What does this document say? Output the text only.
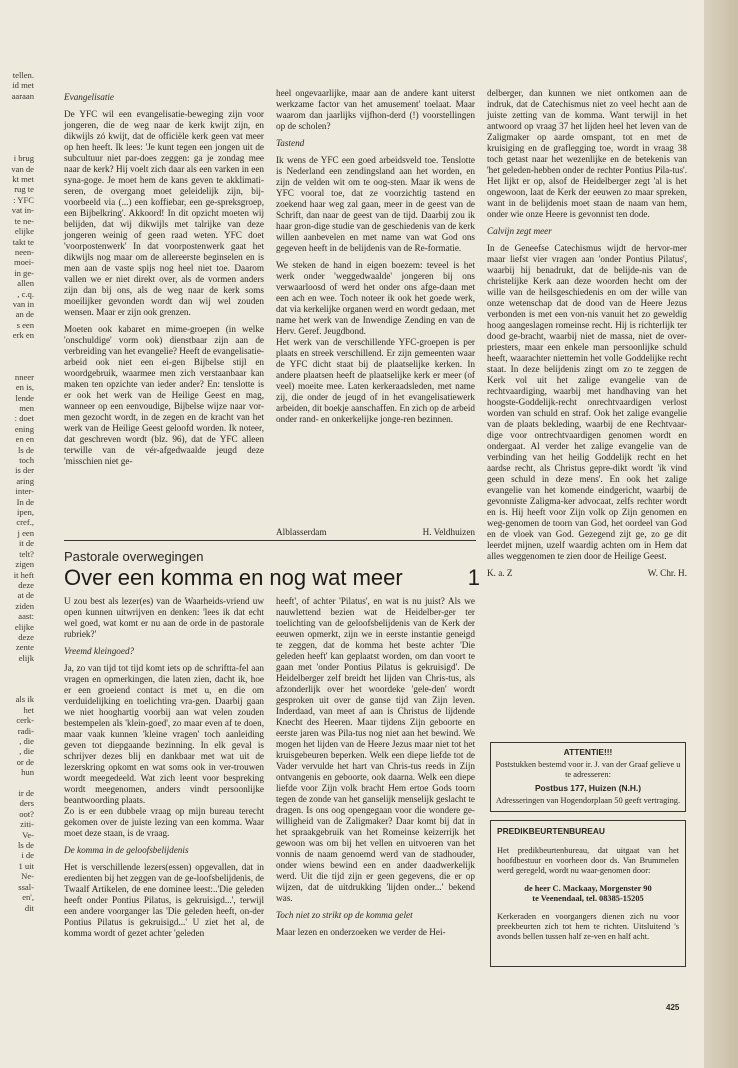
tellen.
id met
aaraan

i brug
van de
kt met
rug te
: YFC
vat in-
te ne-
elijke
takt te
neen-
moei-
in ge-
allen
, c.q.
van in
an de
s een
erk en

nneer
en is,
lende
men
: doet
ening
en en
ls de
toch
is der
aring
inter-
In de
ipen,
cref.,
j een
it de
telt?
zigen
it heft
deze
at de
ziden
aast:
elijke
deze
zente
elijk

als ik
het
cerk-
radi-
, die
, die
or de
hun

ir de
ders
oot?
ziti-
Ve-
ls de
i de
1 uit
Ne-
ssal-
en',
dit
Evangelisatie

De YFC wil een evangelisatie-beweging zijn voor jongeren, die de weg naar de kerk kwijt zijn, en dikwijls zó kwijt, dat de officiële kerk geen vat meer op hen heeft. Ik lees: 'Je kunt tegen een jongen uit de subcultuur niet par-does zeggen: ga je zondag mee naar de kerk? Hij voelt zich daar als een varken in een syna-goge. Je moet hem de kans geven te akklimati-seren, de overgang moet geleidelijk zijn, bij-voorbeeld via (...) een koffiebar, een ge-spreksgroep, een Bijbelkring'. Akkoord! In dit opzicht moeten wij belijden, dat wij dikwijls met talrijke van deze jongeren weinig of geen raad weten. YFC doet 'voorpostenwerk' In dat voorpostenwerk gaat het dikwijls nog maar om de allereerste beginselen en is men aan de vaste spijs nog heel niet toe. Daarom vallen we er niet direkt over, als de vormen anders zijn dan bij ons, als de weg naar de kerk soms moeilijker gevonden wordt dan wij wel zouden wensen. Maar er zijn ook grenzen.

Moeten ook kabaret en mime-groepen (in welke 'onschuldige' vorm ook) dienstbaar zijn aan de verbreiding van het evangelie? Heeft de evangelisatie-arbeid ook niet een ei-gen Bijbelse stijl en woordgebruik, waarmee men zich verstaanbaar kan maken ten opzichte van ieder ander? En: tenslotte is er ook het werk van de Heilige Geest en mag, wanneer op een eenvoudige, Bijbelse wijze naar vor-men gezocht wordt, in de zegen en de kracht van het werk van de Heilige Geest geloofd worden. Ik noteer, dat geschreven wordt (blz. 96), dat de YFC alleen terwille van de vér-afgedwaalde jeugd deze 'misschien niet ge-

heel ongevaarlijke, maar aan de andere kant uiterst werkzame factor van het amusement' toelaat. Maar waarom dan jaarlijks vijfhon-derd (!) voorstellingen op de scholen?

Tastend

Ik wens de YFC een goed arbeidsveld toe. Tenslotte is Nederland een zendingsland aan het worden, en zijn de velden wit om te oog-sten. Maar ik wens de YFC vooral toe, dat ze voorzichtig tastend en zoekend haar weg zal gaan, meer in de geest van de Schrift, dan naar de geest van de tijd. Daarbij zou ik haar gron-dige studie van de geschiedenis van de kerk willen aanbevelen en met name van wat God ons gegeven heeft in de belijdenis van de Re-formatie.

We steken de hand in eigen boezem: teveel is het werk onder 'weggedwaalde' jongeren bij ons verwaarloosd of werd het onder ons afge-daan met een ach en wee. Toch noteer ik ook het goede werk, dat via kerkelijke organen werd en wordt gedaan, met name het werk van de Inwendige Zending en van de Herv. Geref. Jeugdbond.

Het werk van de verschillende YFC-groepen is per plaats en streek verschillend. Er zijn gemeenten waar de YFC dicht staat bij de plaatselijke kerken. In andere plaatsen heeft de plaatselijke kerk er meer (of veel) moeite mee. Laten kerkeraadsleden, met name zij, die onder de jeugd of in het evangelisatiewerk arbeiden, dit boekje aanschaffen. En zich op de arbeid onder rand- en onkerkelijke jonge-ren bezinnen.

Alblasserdam	H. Veldhuizen
Pastorale overwegingen
Over een komma en nog wat meer	1

U zou best als lezer(es) van de Waarheids-vriend uw open kunnen uitwrijven en denken: 'lees ik dat echt wel goed, wat komt er nu aan de orde in de pastorale rubriek?'

Vreemd kleingoed?

Ja, zo van tijd tot tijd komt iets op de schriftta-fel aan vragen en opmerkingen, die laten zien, dacht ik, hoe er een groeiend contact is met u, en die om verduidelijking en toelichting vra-gen. Daarbij gaan we niet hooghartig voorbij aan wat velen zouden bestempelen als 'klein-goed', zo maar even af te doen, maar vaak kunnen 'kleine vragen' toch aanleiding geven tot diepgaande bezinning. In elk geval is schrijver dezes blij en dankbaar met wat uit de lezerskring opkomt en wat soms ook in ver-trouwen wordt meegedeeld. Wat zich leent voor bespreking wordt meegenomen, anders vindt persoonlijke beantwoording plaats.

Zo is er een dubbele vraag op mijn bureau terecht gekomen over de juiste lezing van een komma. Waar moet deze staan, is de vraag.

De komma in de geloofsbelijdenis

Het is verschillende lezers(essen) opgevallen, dat in eredienten bij het zeggen van de ge-loofsbelijdenis, de Twaalf Artikelen, de ene dominee leest:..'Die geleden heeft onder Pontius Pilatus, is gekruisigd...', terwijl een andere voorganger las 'Die geleden heeft, on-der Pontius Pilatus is gekruisigd...' U ziet het al, de komma wordt of gezet achter 'geleden

heeft', of achter 'Pilatus', en wat is nu juist? Als we nauwlettend bezien wat de Heidelber-ger ter toelichting van de geloofsbelijdenis van de Kerk der eeuwen opmerkt, zijn we in eerste instantie geneigd te zeggen, dat de komma het beste achter 'Die geleden heeft' kan geplaatst worden, om dan voort te gaan met 'onder Pontius Pilatus is gekruisigd'. De Heidelberger zelf breidt het lijden van Chris-tus, als afzonderlijk over het woordeke 'gele-den' wordt gesproken uit over de ganse tijd van Zijn leven. Inderdaad, van meet af aan is Christus de lijdende Knecht des Heeren. Maar tijdens Zijn geboorte en eerste jaren was Pila-tus nog niet aan het bewind. We mogen het lijden van de Heere Jezus maar niet tot het kruisgebeuren beperken. Welk een diepe liefde tot de Vader vervulde het hart van Chris-tus reeds in Zijn ontvangenis en geboorte, ook daarna. Welk een diepe liefde voor Zijn volk bracht Hem ertoe Gods toorn tegen de zonde van het ganselijk menselijk geslacht te dragen. Is ons oog opengegaan voor die wondere ge-willigheid van de Zaligmaker? Daar komt bij dat in het spraakgebruik van het Romeinse keizerrijk het gewoon was om bij het vellen en uitvoeren van het vonnis de naam genoemd werd van de stadhouder, onder wiens bewind een en ander daadwerkelijk werd. Uit die tijd zijn er geen gegevens, die er op wijzen, dat de uitdrukking 'lijden onder...' bekend was.

Toch niet zo strikt op de komma gelet

Maar lezen en onderzoeken we verder de Hei-

delberger, dan kunnen we niet ontkomen aan de indruk, dat de Catechismus niet zo veel hecht aan de juiste zetting van de komma. Want terwijl in het antwoord op vraag 37 het lijden heel het leven van de Zaligmaker op aarde omspant, tot en met de kruisiging en de graflegging toe, wordt in vraag 38 toch getast naar het wezenlijke en de betekenis van 'het geleden-hebben onder de rechter Pontius Pila-tus'. Het lijkt er op, alsof de Heidelberger zegt 'al is het ongewoon, laat de Kerk der eeuwen zo maar spreken, want in de belijdenis moet staan de naam van hem, onder wie onze Heere is gevonnist ten dode.

Calvijn zegt meer

In de Geneefse Catechismus wijdt de hervor-mer maar liefst vier vragen aan 'onder Pontius Pilatus', waarbij hij benadrukt, dat de belijde-nis van de christelijke Kerk aan deze woorden hecht om der wille van de heilsgeschiedenis en om der wille van onze wetenschap dat de dood van de Heere Jezus verbonden is met een von-nis vanuit het zo geweldig hoog aangeslagen romeinse recht. Hij is richterlijk ter dood ge-bracht, waarbij niet de massa, niet de over-priesters, maar een enkele man persoonlijke schuld heeft, waarachter niettemin het volle Goddelijke recht staat. In deze belijdenis zingt om zo te zeggen de Kerk vol uit het zalige evangelie van de rechtvaardiging, waarbij met handhaving van het hoogste-Goddelijk-recht onrechtvaardigen verlost worden van schuld en straf. Ook het zalige evangelie van de plaats bekleding, waarbij de ene Rechtvaar-dige voor ontrechtvaardigen genomen wordt en ondergaat. Al verder het zalige evangelie van de verbinding van het heilig Goddelijk recht en het aardse recht, als Christus gepre-dikt wordt 'ik vind geen schuld in deze mens'. En ook het zalige evangelie van het komende eindgericht, waarbij de gevonniste Zaligma-ker advocaat, zelfs rechter wordt en is. Hij heeft voor Zijn volk op Zijn genomen en weg-genomen de toorn van God, het oordeel van God en de vloek van God. Gezegend zijt ge, zo ge dit leerdet mijnen, uzelf waardig achten om in Hem dat alles weggenomen te zien door de Heilige Geest.

K. a. Z	W. Chr. H.
ATTENTIE!!!
Poststukken bestemd voor ir. J. van der Graaf gelieve u te adresseren:
Postbus 177, Huizen (N.H.)
Adresseringen van Hogendorplaan 50 geeft vertraging.
PREDIKBEURTENBUREAU
Het predikbeurtenbureau, dat uitgaat van het hoofdbestuur en voorheen door ds. Van Brummelen werd geregeld, wordt nu waar-genomen door:
de heer C. Mackaay, Morgenster 90
te Veenendaal, tel. 08385-15205
Kerkeraden en voorgangers dienen zich nu voor preekbeurten zich tot hem te richten. Uitsluitend 's avonds bellen tussen half ze-ven en half acht.
425
